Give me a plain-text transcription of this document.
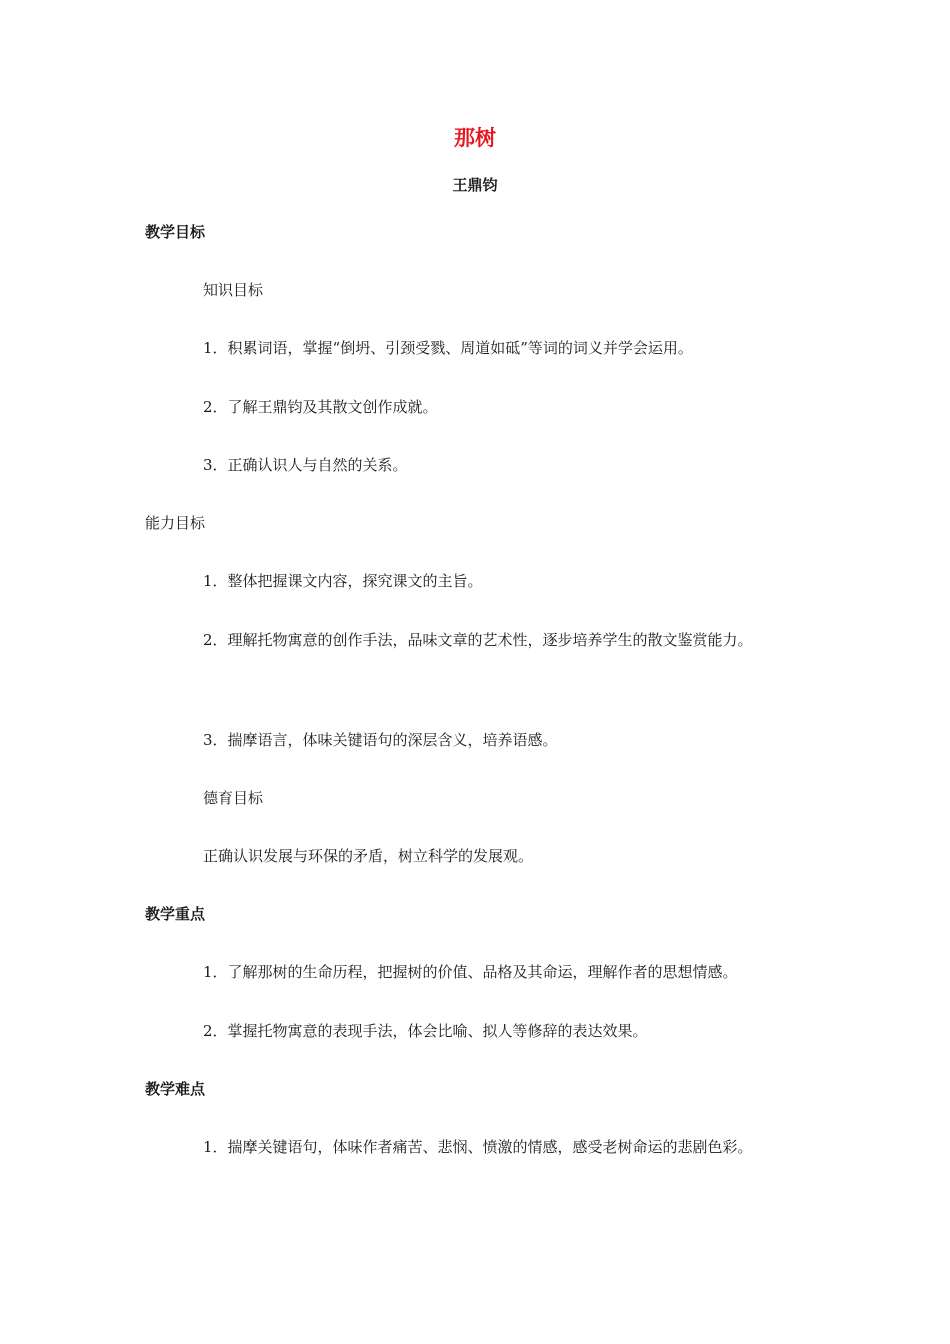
那树
王鼎钧
教学目标
知识目标
1．积累词语，掌握“倒坍、引颈受戮、周道如砥”等词的词义并学会运用。
2．了解王鼎钧及其散文创作成就。
3．正确认识人与自然的关系。
能力目标
1．整体把握课文内容，探究课文的主旨。
2．理解托物寓意的创作手法，品味文章的艺术性，逐步培养学生的散文鉴赏能力。
3．揣摩语言，体味关键语句的深层含义，培养语感。
德育目标
正确认识发展与环保的矛盾，树立科学的发展观。
教学重点
1．了解那树的生命历程，把握树的价值、品格及其命运，理解作者的思想情感。
2．掌握托物寓意的表现手法，体会比喻、拟人等修辞的表达效果。
教学难点
1．揣摩关键语句，体味作者痛苦、悲悯、愤激的情感，感受老树命运的悲剧色彩。
